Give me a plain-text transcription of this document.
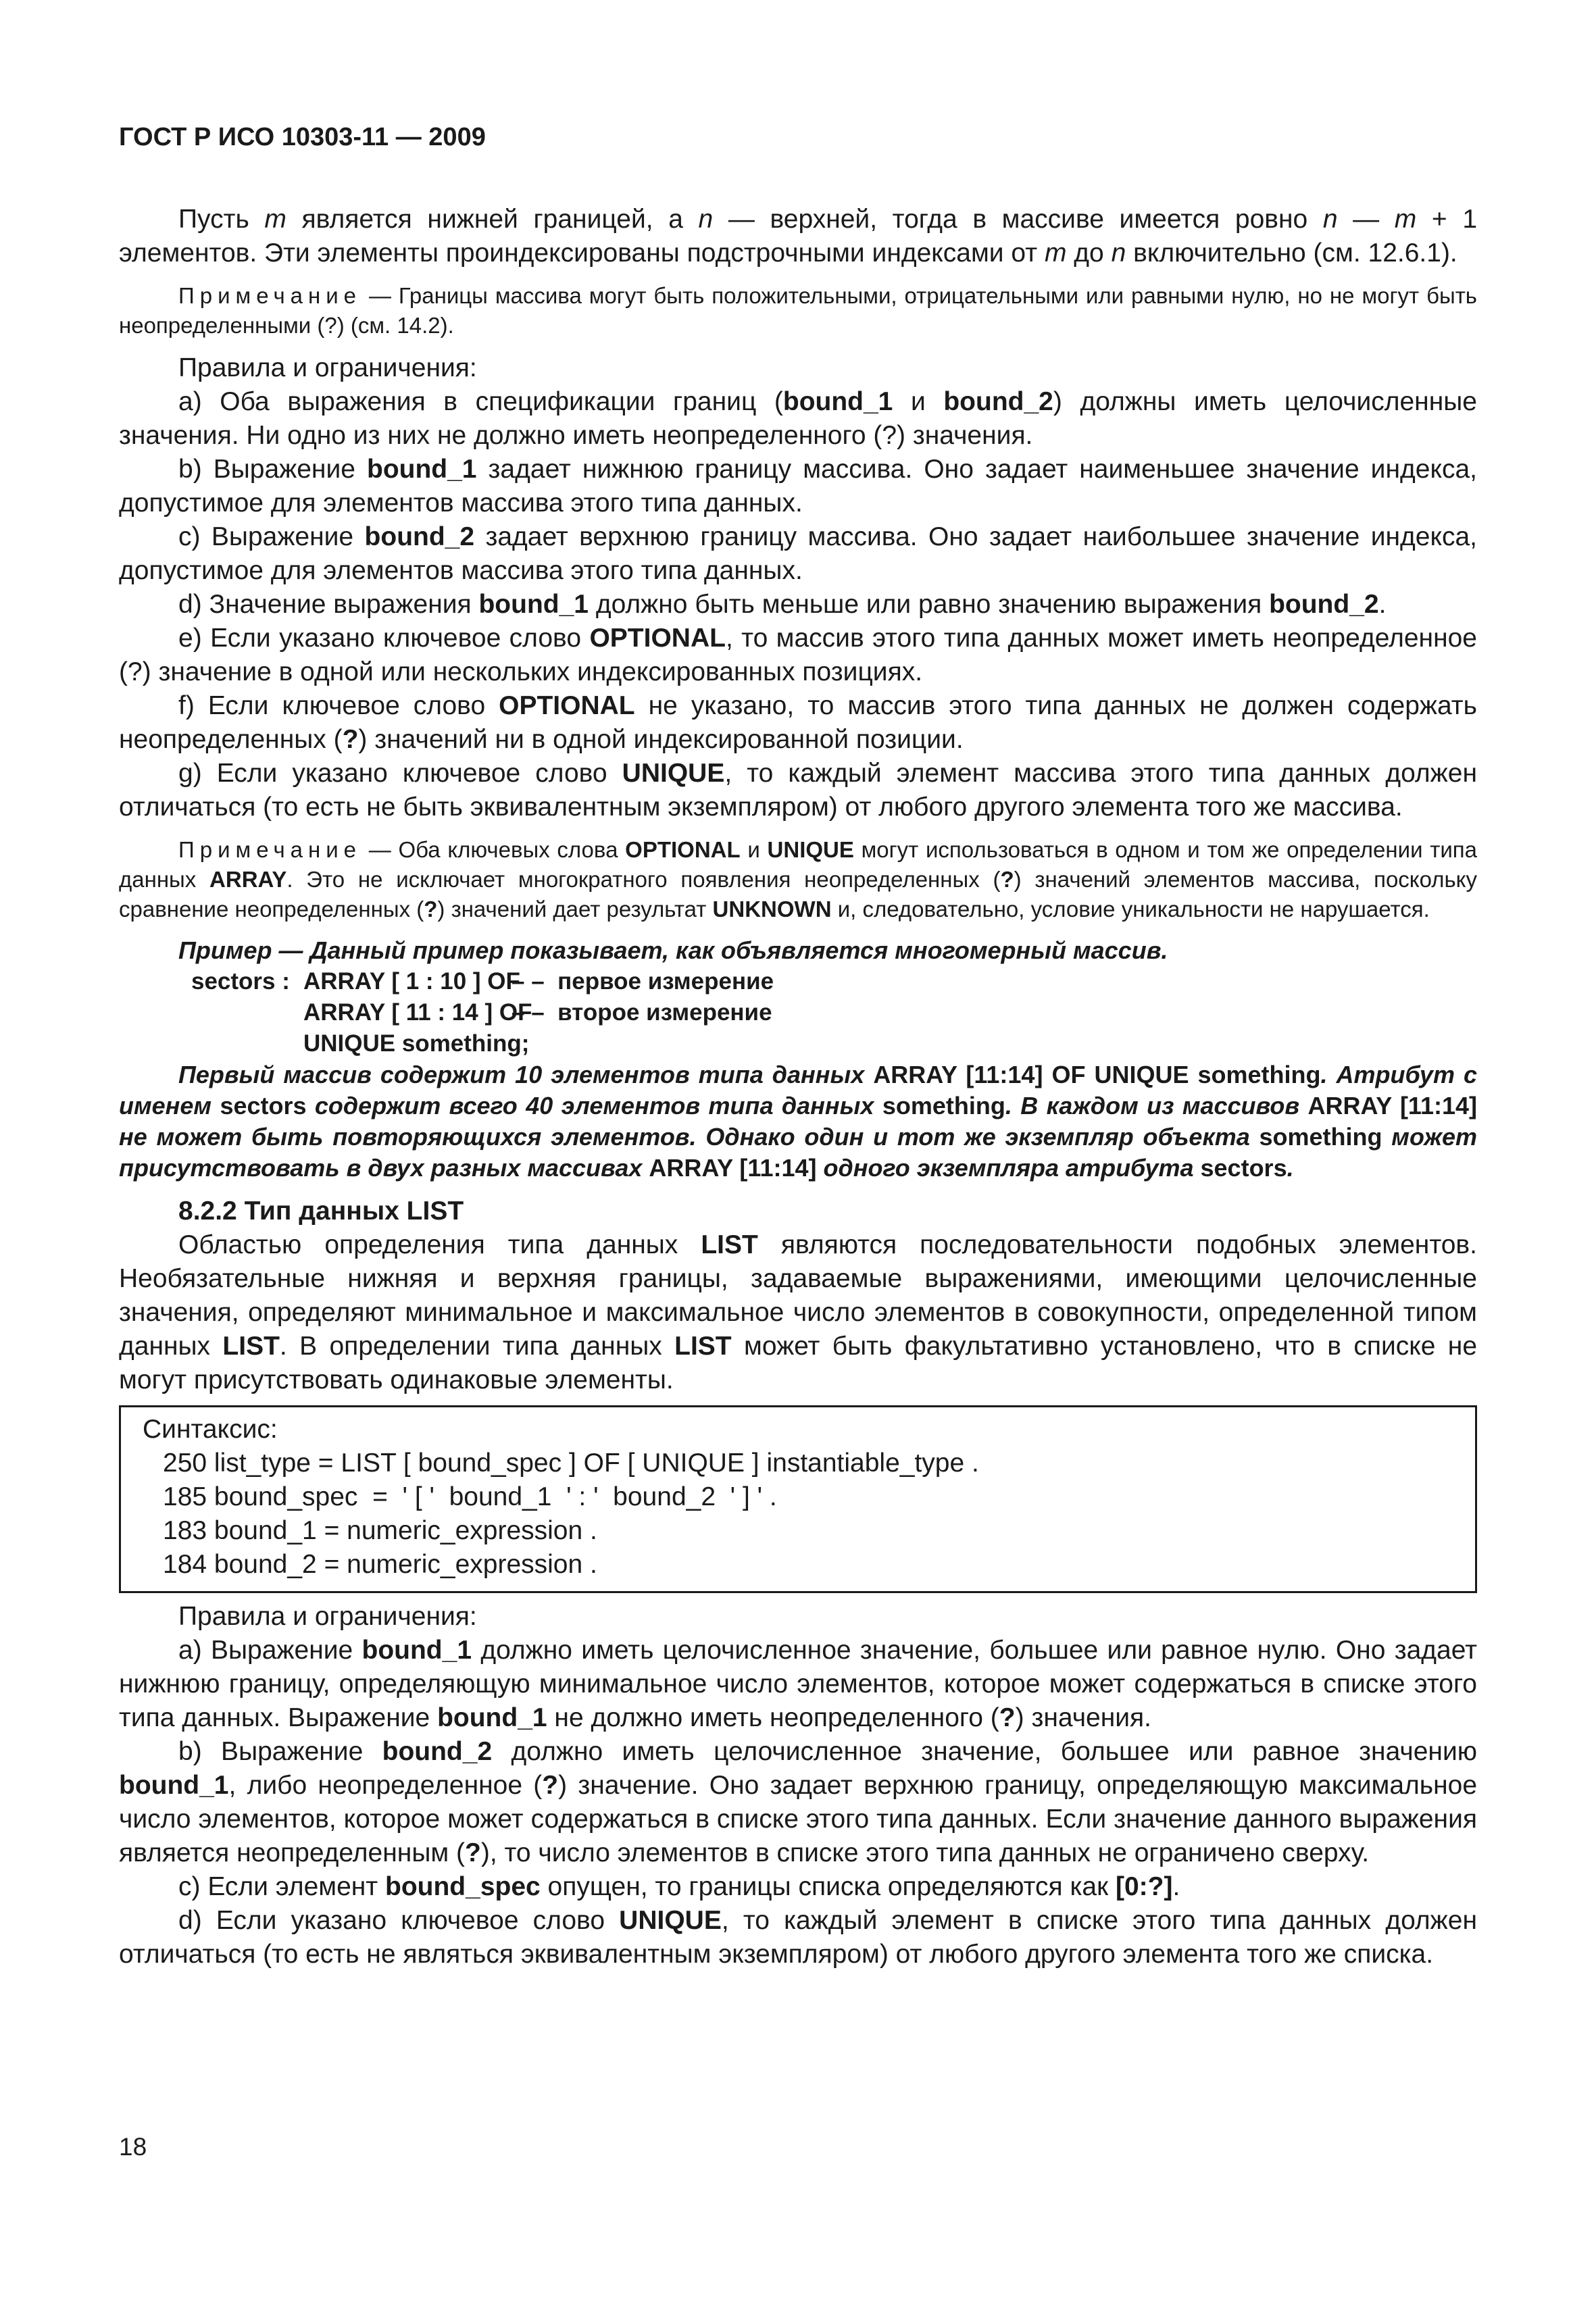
ГОСТ Р ИСО 10303-11 — 2009

Пусть m является нижней границей, а n — верхней, тогда в массиве имеется ровно n — m + 1 элементов. Эти элементы проиндексированы подстрочными индексами от m до n включительно (см. 12.6.1).

Примечание — Границы массива могут быть положительными, отрицательными или равными нулю, но не могут быть неопределенными (?) (см. 14.2).

Правила и ограничения:

a) Оба выражения в спецификации границ (bound_1 и bound_2) должны иметь целочисленные значения. Ни одно из них не должно иметь неопределенного (?) значения.

b) Выражение bound_1 задает нижнюю границу массива. Оно задает наименьшее значение индекса, допустимое для элементов массива этого типа данных.

c) Выражение bound_2 задает верхнюю границу массива. Оно задает наибольшее значение индекса, допустимое для элементов массива этого типа данных.

d) Значение выражения bound_1 должно быть меньше или равно значению выражения bound_2.

e) Если указано ключевое слово OPTIONAL, то массив этого типа данных может иметь неопределенное (?) значение в одной или нескольких индексированных позициях.

f) Если ключевое слово OPTIONAL не указано, то массив этого типа данных не должен содержать неопределенных (?) значений ни в одной индексированной позиции.

g) Если указано ключевое слово UNIQUE, то каждый элемент массива этого типа данных должен отличаться (то есть не быть эквивалентным экземпляром) от любого другого элемента того же массива.

Примечание — Оба ключевых слова OPTIONAL и UNIQUE могут использоваться в одном и том же определении типа данных ARRAY. Это не исключает многократного появления неопределенных (?) значений элементов массива, поскольку сравнение неопределенных (?) значений дает результат UNKNOWN и, следовательно, условие уникальности не нарушается.

Пример — Данный пример показывает, как объявляется многомерный массив.

sectors : ARRAY [ 1 : 10 ] OF
– –  первое измерение
ARRAY [ 11 : 14 ] OF
– –  второе измерение
UNIQUE something;

Первый массив содержит 10 элементов типа данных ARRAY [11:14] OF UNIQUE something. Атрибут с именем sectors содержит всего 40 элементов типа данных something. В каждом из массивов ARRAY [11:14] не может быть повторяющихся элементов. Однако один и тот же экземпляр объекта something может присутствовать в двух разных массивах ARRAY [11:14] одного экземпляра атрибута sectors.

8.2.2 Тип данных LIST

Областью определения типа данных LIST являются последовательности подобных элементов. Необязательные нижняя и верхняя границы, задаваемые выражениями, имеющими целочисленные значения, определяют минимальное и максимальное число элементов в совокупности, определенной типом данных LIST. В определении типа данных LIST может быть факультативно установлено, что в списке не могут присутствовать одинаковые элементы.

Синтаксис:
250 list_type = LIST [ bound_spec ] OF [ UNIQUE ] instantiable_type .
185 bound_spec  =  ' [ '  bound_1  ' : '  bound_2  ' ] ' .
183 bound_1 = numeric_expression .
184 bound_2 = numeric_expression .

Правила и ограничения:

a) Выражение bound_1 должно иметь целочисленное значение, большее или равное нулю. Оно задает нижнюю границу, определяющую минимальное число элементов, которое может содержаться в списке этого типа данных. Выражение bound_1 не должно иметь неопределенного (?) значения.

b) Выражение bound_2 должно иметь целочисленное значение, большее или равное значению bound_1, либо неопределенное (?) значение. Оно задает верхнюю границу, определяющую максимальное число элементов, которое может содержаться в списке этого типа данных. Если значение данного выражения является неопределенным (?), то число элементов в списке этого типа данных не ограничено сверху.

c) Если элемент bound_spec опущен, то границы списка определяются как [0:?].

d) Если указано ключевое слово UNIQUE, то каждый элемент в списке этого типа данных должен отличаться (то есть не являться эквивалентным экземпляром) от любого другого элемента того же списка.

18
